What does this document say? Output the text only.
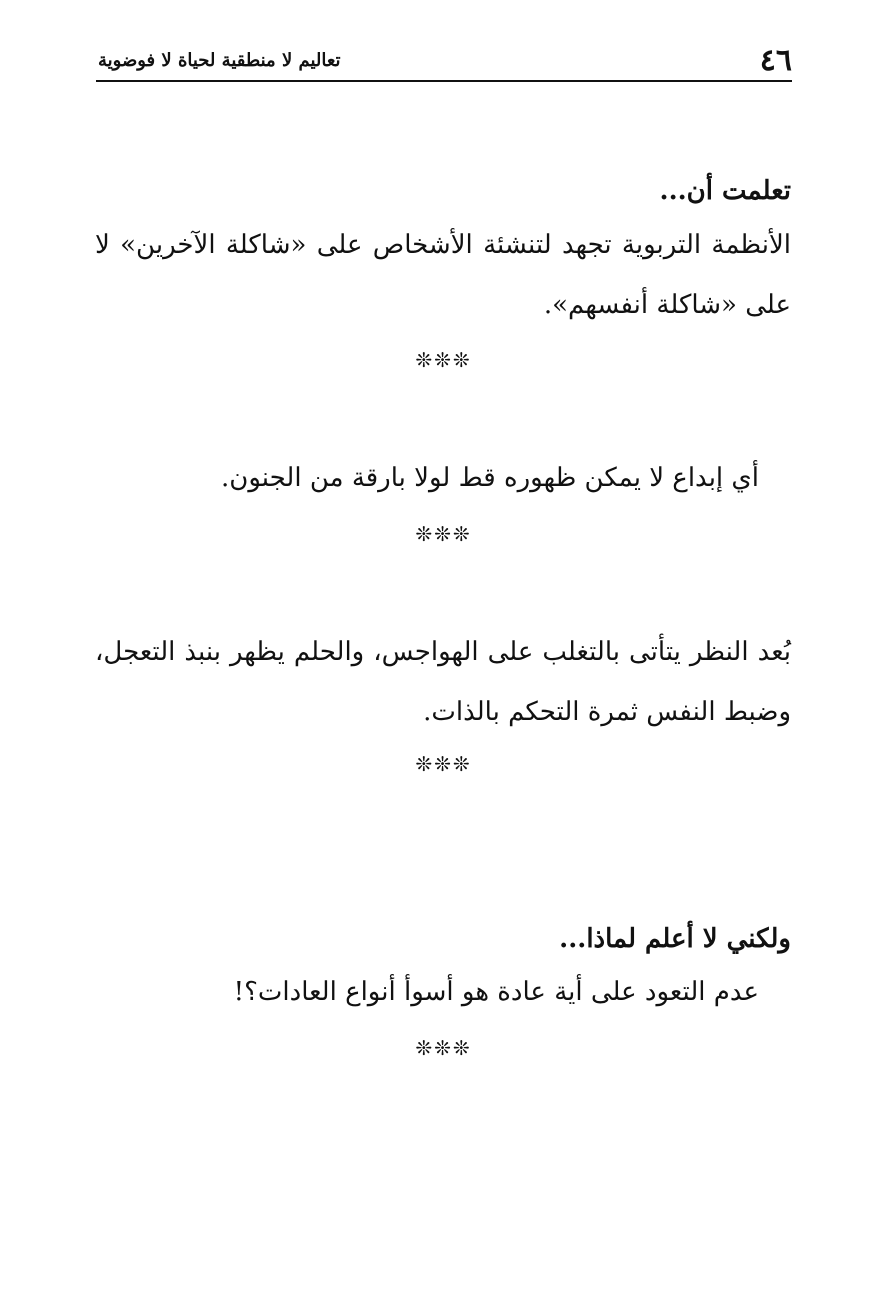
٤٦
تعاليم لا منطقية لحياة لا فوضوية
تعلمت أن...

الأنظمة التربوية تجهد لتنشئة الأشخاص على «شاكلة الآخرين» لا على «شاكلة أنفسهم».

❊❊❊

أي إبداع لا يمكن ظهوره قط لولا بارقة من الجنون.

❊❊❊

بُعد النظر يتأتى بالتغلب على الهواجس، والحلم يظهر بنبذ التعجل، وضبط النفس ثمرة التحكم بالذات.

❊❊❊
ولكني لا أعلم لماذا...

عدم التعود على أية عادة هو أسوأ أنواع العادات؟!

❊❊❊
